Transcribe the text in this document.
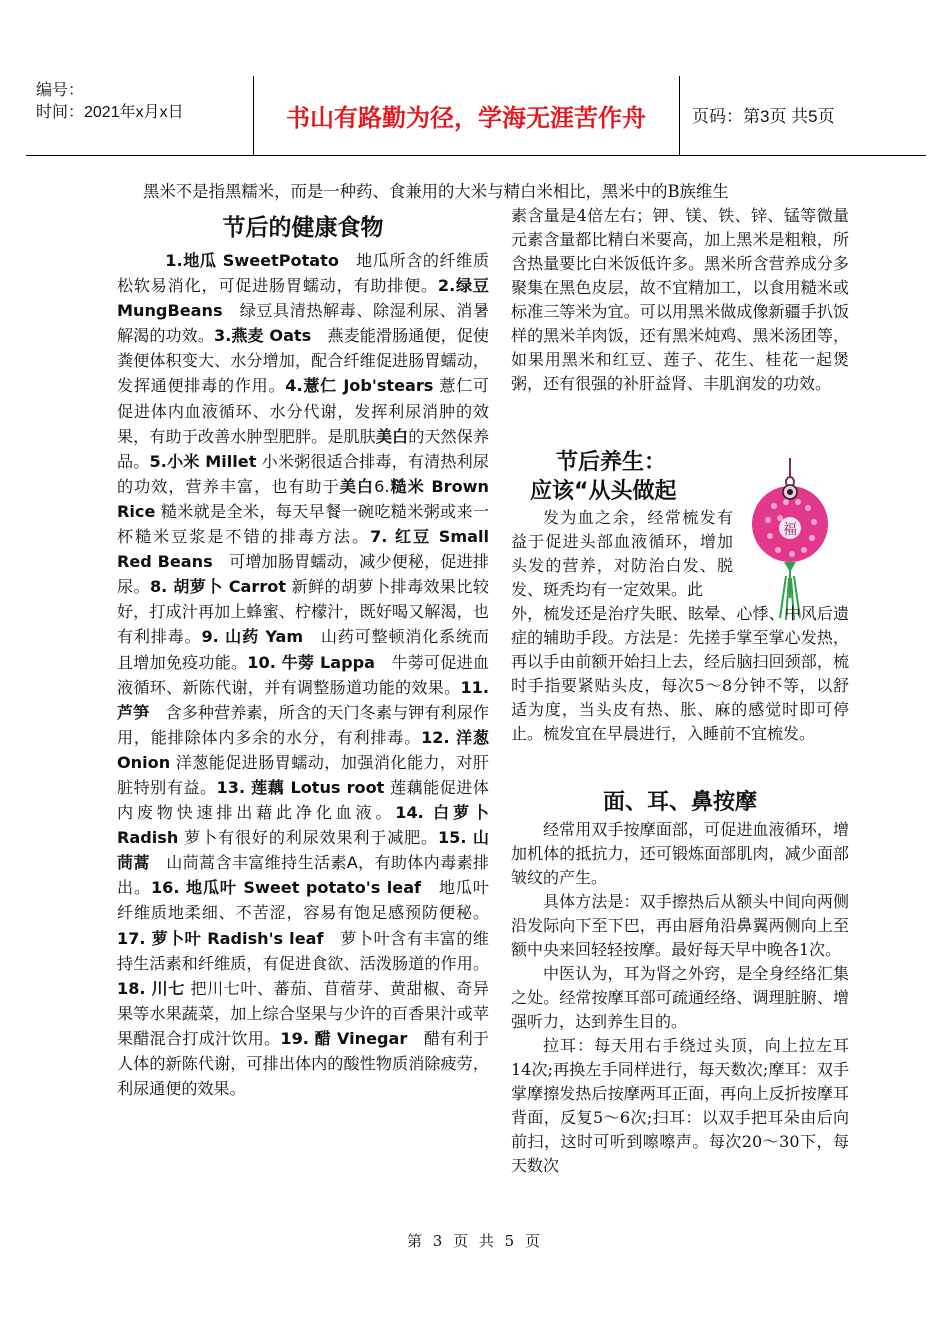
编号：
时间：2021年x月x日	书山有路勤为径，学海无涯苦作舟	页码：第3页 共5页
黑米不是指黑糯米，而是一种药、食兼用的大米与精白米相比，黑米中的B族维生
节后的健康食物
1.地瓜 SweetPotato　地瓜所含的纤维质松软易消化，可促进肠胃蠕动，有助排便。2.绿豆 MungBeans　绿豆具清热解毒、除湿利尿、消暑解渴的功效。3.燕麦 Oats　燕麦能滑肠通便，促使粪便体积变大、水分增加，配合纤维促进肠胃蠕动，发挥通便排毒的作用。4.薏仁 Job'stears 薏仁可促进体内血液循环、水分代谢，发挥利尿消肿的效果，有助于改善水肿型肥胖。是肌肤美白的天然保养品。5.小米 Millet 小米粥很适合排毒，有清热利尿的功效，营养丰富，也有助于美白6.糙米 Brown Rice 糙米就是全米，每天早餐一碗吃糙米粥或来一杯糙米豆浆是不错的排毒方法。7. 红豆 Small Red Beans　可增加肠胃蠕动，减少便秘，促进排尿。8. 胡萝卜 Carrot 新鲜的胡萝卜排毒效果比较好，打成汁再加上蜂蜜、柠檬汁，既好喝又解渴，也有利排毒。9. 山药 Yam　山药可整顿消化系统而且增加免疫功能。10. 牛蒡 Lappa　牛蒡可促进血液循环、新陈代谢，并有调整肠道功能的效果。11.芦笋　含多种营养素，所含的天门冬素与钾有利尿作用，能排除体内多余的水分，有利排毒。12. 洋葱 Onion 洋葱能促进肠胃蠕动，加强消化能力，对肝脏特别有益。13. 莲藕 Lotus root 莲藕能促进体内废物快速排出藉此净化血液。14. 白萝卜 Radish 萝卜有很好的利尿效果利于减肥。15. 山茼蒿　山茼蒿含丰富维持生活素A，有助体内毒素排出。16. 地瓜叶 Sweet potato's leaf　地瓜叶纤维质地柔细、不苦涩，容易有饱足感预防便秘。17. 萝卜叶 Radish's leaf　萝卜叶含有丰富的维持生活素和纤维质，有促进食欲、活泼肠道的作用。18. 川七 把川七叶、蕃茄、苜蓿芽、黄甜椒、奇异果等水果蔬菜，加上综合坚果与少许的百香果汁或苹果醋混合打成汁饮用。19. 醋 Vinegar　醋有利于人体的新陈代谢，可排出体内的酸性物质消除疲劳，利尿通便的效果。
素含量是4倍左右；钾、镁、铁、锌、锰等微量元素含量都比精白米要高，加上黑米是粗粮，所含热量要比白米饭低许多。黑米所含营养成分多聚集在黑色皮层，故不宜精加工，以食用糙米或标准三等米为宜。可以用黑米做成像新疆手扒饭样的黑米羊肉饭，还有黑米炖鸡、黑米汤团等，如果用黑米和红豆、莲子、花生、桂花一起煲粥，还有很强的补肝益肾、丰肌润发的功效。
节后养生：
应该“从头做起
福
发为血之余，经常梳发有益于促进头部血液循环，增加头发的营养，对防治白发、脱发、斑秃均有一定效果。此
外，梳发还是治疗失眠、眩晕、心悸、中风后遗症的辅助手段。方法是：先搓手掌至掌心发热，再以手由前额开始扫上去，经后脑扫回颈部，梳时手指要紧贴头皮，每次5～8分钟不等，以舒适为度，当头皮有热、胀、麻的感觉时即可停止。梳发宜在早晨进行，入睡前不宜梳发。
面、耳、鼻按摩

经常用双手按摩面部，可促进血液循环，增加机体的抵抗力，还可锻炼面部肌肉，减少面部皱纹的产生。

具体方法是：双手擦热后从额头中间向两侧沿发际向下至下巴，再由唇角沿鼻翼两侧向上至额中央来回轻轻按摩。最好每天早中晚各1次。

中医认为，耳为肾之外窍，是全身经络汇集之处。经常按摩耳部可疏通经络、调理脏腑、增强听力，达到养生目的。

拉耳：每天用右手绕过头顶，向上拉左耳14次;再换左手同样进行，每天数次;摩耳：双手掌摩擦发热后按摩两耳正面，再向上反折按摩耳背面，反复5～6次;扫耳：以双手把耳朵由后向前扫，这时可听到嚓嚓声。每次20～30下，每天数次

第 3 页 共 5 页
